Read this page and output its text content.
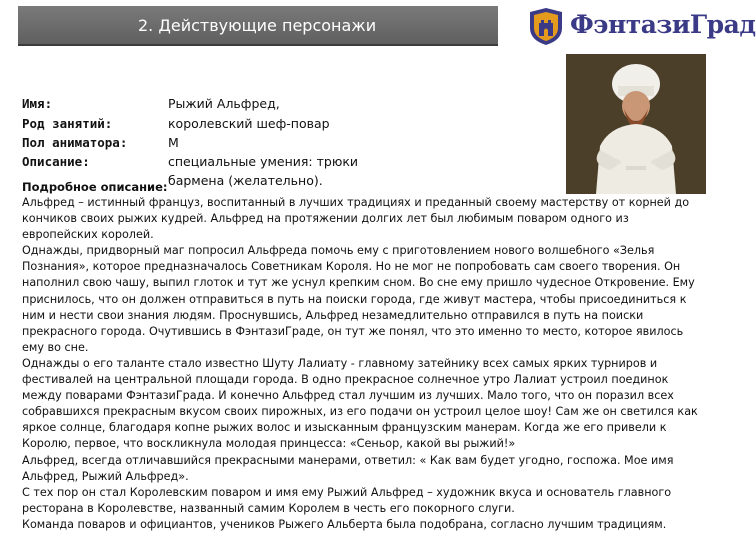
2. Действующие персонажи	ФэнтазиГрад
Имя:	Рыжий Альфред,
Род занятий:	королевский шеф-повар
Пол аниматора:	М
Описание:	специальные умения: трюки
бармена (желательно).
Подробное описание:

Альфред – истинный француз, воспитанный в лучших традициях и преданный своему мастерству от корней до кончиков своих рыжих кудрей. Альфред на протяжении долгих лет был любимым поваром одного из европейских королей.

Однажды, придворный маг попросил Альфреда помочь ему с приготовлением нового волшебного «Зелья Познания», которое предназначалось Советникам Короля. Но не мог не попробовать сам своего творения. Он наполнил свою чашу, выпил глоток и тут же уснул крепким сном. Во сне ему пришло чудесное Откровение. Ему приснилось, что он должен отправиться в путь на поиски города, где живут мастера, чтобы присоединиться к ним и нести свои знания людям. Проснувшись, Альфред незамедлительно отправился в путь на поиски прекрасного города. Очутившись в ФэнтазиГраде, он тут же понял, что это именно то место, которое явилось ему во сне.

Однажды о его таланте стало известно Шуту Лалиату - главному затейнику всех самых ярких турниров и фестивалей на центральной площади города. В одно прекрасное солнечное утро Лалиат устроил поединок между поварами ФэнтазиГрада. И конечно Альфред стал лучшим из лучших. Мало того, что он поразил всех собравшихся прекрасным вкусом своих пирожных, из его подачи он устроил целое шоу! Сам же он светился как яркое солнце, благодаря копне рыжих волос и изысканным французским манерам. Когда же его привели к Королю, первое, что воскликнула молодая принцесса: «Сеньор, какой вы рыжий!»

Альфред, всегда отличавшийся прекрасными манерами, ответил: « Как вам будет угодно, госпожа. Мое имя Альфред, Рыжий Альфред».

С тех пор он стал Королевским поваром и имя ему Рыжий Альфред – художник вкуса и основатель главного ресторана в Королевстве, названный самим Королем в честь его покорного слуги.

Команда поваров и официантов, учеников Рыжего Альберта была подобрана, согласно лучшим традициям.
